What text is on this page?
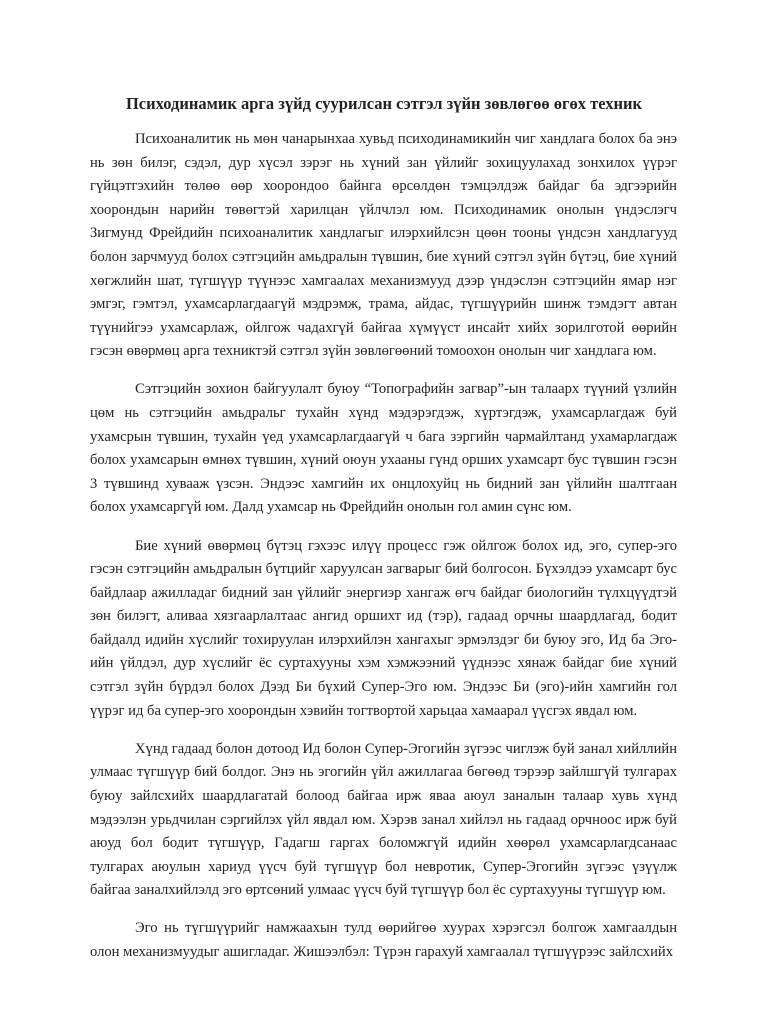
Психодинамик арга зүйд суурилсан сэтгэл зүйн зөвлөгөө өгөх техник

Психоаналитик нь мөн чанарынхаа хувьд психодинамикийн чиг хандлага болох ба энэ нь зөн билэг, сэдэл, дур хүсэл зэрэг нь хүний зан үйлийг зохицуулахад зонхилох үүрэг гүйцэтгэхийн төлөө өөр хоорондоо байнга өрсөлдөн тэмцэлдэж байдаг ба эдгээрийн хоорондын нарийн төвөгтэй харилцан үйлчлэл юм. Психодинамик онолын үндэслэгч Зигмунд Фрейдийн психоаналитик хандлагыг илэрхийлсэн цөөн тооны үндсэн хандлагууд болон зарчмууд болох сэтгэцийн амьдралын түвшин, бие хүний сэтгэл зүйн бүтэц, бие хүний хөгжлийн шат, түгшүүр түүнээс хамгаалах механизмууд дээр үндэслэн сэтгэцийн ямар нэг эмгэг, гэмтэл, ухамсарлагдаагүй мэдрэмж, трама, айдас, түгшүүрийн шинж тэмдэгт автан түүнийгээ ухамсарлаж, ойлгож чадахгүй байгаа хүмүүст инсайт хийх зорилготой өөрийн гэсэн өвөрмөц арга техниктэй сэтгэл зүйн зөвлөгөөний томоохон онолын чиг хандлага юм.

Сэтгэцийн зохион байгуулалт буюу “Топографийн загвар”-ын талаарх түүний үзлийн цөм нь сэтгэцийн амьдральг тухайн хүнд мэдэрэгдэж, хүртэгдэж, ухамсарлагдаж буй ухамсрын түвшин, тухайн үед ухамсарлагдаагүй ч бага зэргийн чармайлтанд ухамарлагдаж болох ухамсарын өмнөх түвшин, хүний оюун ухааны гүнд орших ухамсарт бус түвшин гэсэн 3 түвшинд хувааж үзсэн. Эндээс хамгийн их онцлохуйц нь бидний зан үйлийн шалтгаан болох ухамсаргүй юм. Далд ухамсар нь Фрейдийн онолын гол амин сүнс юм.

Бие хүний өвөрмөц бүтэц гэхээс илүү процесс гэж ойлгож болох ид, эго, супер-эго гэсэн сэтгэцийн амьдралын бүтцийг харуулсан загварыг бий болгосон. Бүхэлдээ ухамсарт бус байдлаар ажилладаг бидний зан үйлийг энергиэр хангаж өгч байдаг биологийн түлхцүүдтэй зөн билэгт, аливаа хязгаарлалтаас ангид оршихт ид (тэр), гадаад орчны шаардлагад, бодит байдалд идийн хүслийг тохируулан илэрхийлэн хангахыг эрмэлздэг би буюу эго, Ид ба Эго-ийн үйлдэл, дур хүслийг ёс суртахууны хэм хэмжээний үүднээс хянаж байдаг бие хүний сэтгэл зүйн бүрдэл болох Дээд Би бүхий Супер-Эго юм. Эндээс Би (эго)-ийн хамгийн гол үүрэг ид ба супер-эго хоорондын хэвийн тогтвортой харьцаа хамаарал үүсгэх явдал юм.

Хүнд гадаад болон дотоод Ид болон Супер-Эгогийн зүгээс чиглэж буй занал хийллийн улмаас түгшүүр бий болдог. Энэ нь эгогийн үйл ажиллагаа бөгөөд тэрээр зайлшгүй тулгарах буюу зайлсхийх шаардлагатай болоод байгаа ирж яваа аюул заналын талаар хувь хүнд мэдээлэн урьдчилан сэргийлэх үйл явдал юм. Хэрэв занал хийлэл нь гадаад орчноос ирж буй аюуд бол бодит түгшүүр, Гадагш гаргах боломжгүй идийн хөөрөл ухамсарлагдсанаас тулгарах аюулын хариуд үүсч буй түгшүүр бол невротик, Супер-Эгогийн зүгээс үзүүлж байгаа заналхийлэлд эго өртсөний улмаас үүсч буй түгшүүр бол ёс суртахууны түгшүүр юм.

Эго нь түгшүүрийг намжаахын тулд өөрийгөө хуурах хэрэгсэл болгож хамгаалдын олон механизмуудыг ашигладаг. Жишээлбэл: Түрэн гарахуй хамгаалал түгшүүрээс зайлсхийх
